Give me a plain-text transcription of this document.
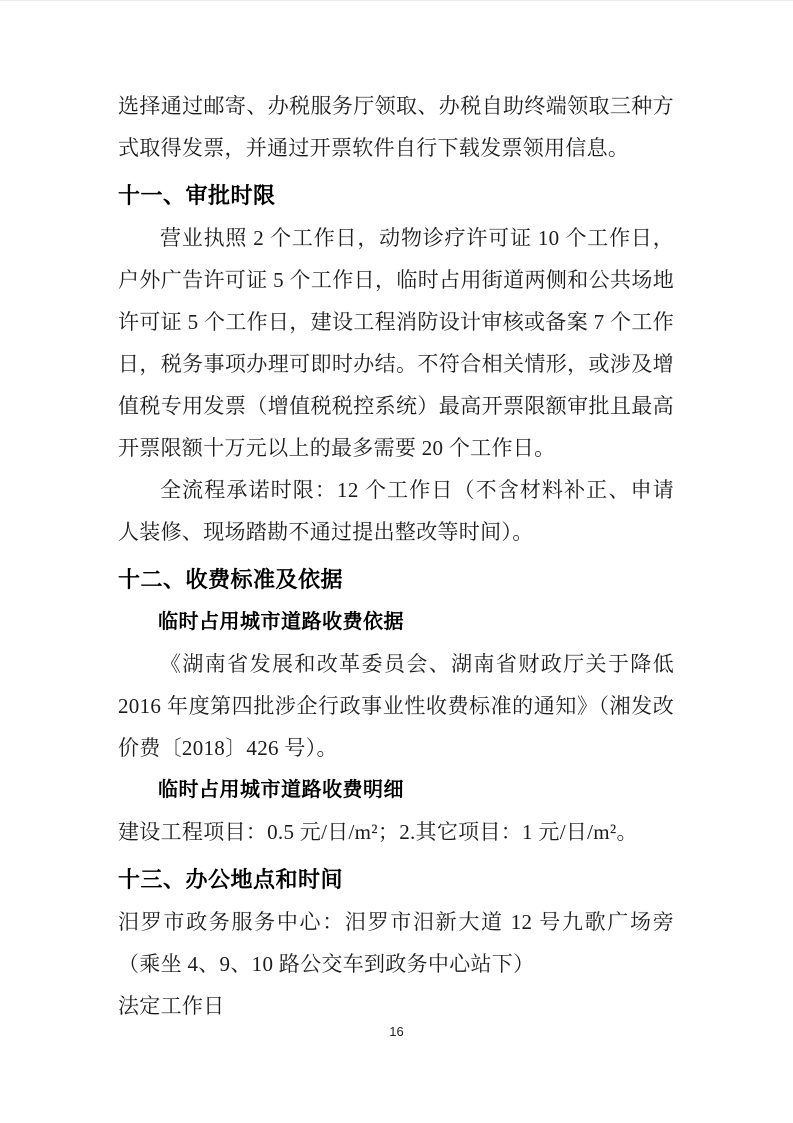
选择通过邮寄、办税服务厅领取、办税自助终端领取三种方式取得发票，并通过开票软件自行下载发票领用信息。

十一、审批时限

营业执照 2 个工作日，动物诊疗许可证 10 个工作日，户外广告许可证 5 个工作日，临时占用街道两侧和公共场地许可证 5 个工作日，建设工程消防设计审核或备案 7 个工作日，税务事项办理可即时办结。不符合相关情形，或涉及增值税专用发票（增值税税控系统）最高开票限额审批且最高开票限额十万元以上的最多需要 20 个工作日。

全流程承诺时限：12 个工作日（不含材料补正、申请人装修、现场踏勘不通过提出整改等时间）。

十二、收费标准及依据
临时占用城市道路收费依据

《湖南省发展和改革委员会、湖南省财政厅关于降低 2016 年度第四批涉企行政事业性收费标准的通知》（湘发改价费〔2018〕426 号）。

临时占用城市道路收费明细

建设工程项目：0.5 元/日/m²；2.其它项目：1 元/日/m²。

十三、办公地点和时间

汨罗市政务服务中心：汨罗市汨新大道 12 号九歌广场旁（乘坐 4、9、10 路公交车到政务中心站下）

法定工作日

16
